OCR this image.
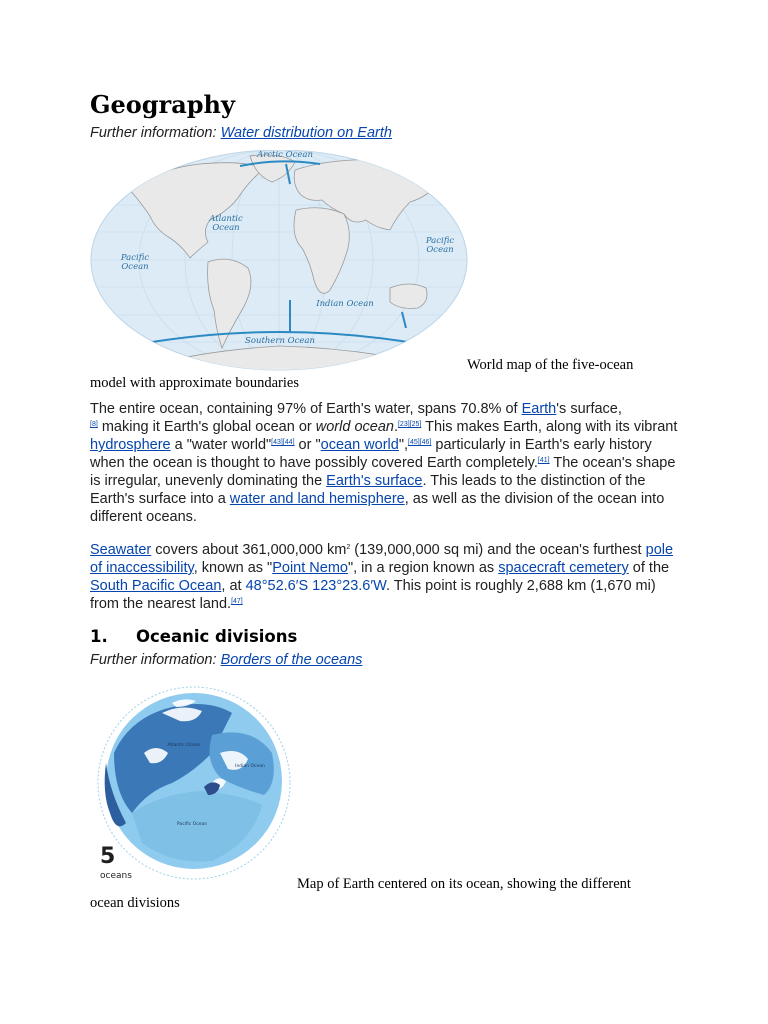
Geography
Further information: Water distribution on Earth
Arctic Ocean
Atlantic
Ocean
Pacific
Ocean
Pacific
Ocean
Indian Ocean
Southern Ocean
World map of the five-ocean
model with approximate boundaries

The entire ocean, containing 97% of Earth's water, spans 70.8% of Earth's surface,
[8] making it Earth's global ocean or world ocean.[23][25] This makes Earth, along with its vibrant hydrosphere a "water world"[43][44] or "ocean world",[45][46] particularly in Earth's early history when the ocean is thought to have possibly covered Earth completely.[41] The ocean's shape is irregular, unevenly dominating the Earth's surface. This leads to the distinction of the Earth's surface into a water and land hemisphere, as well as the division of the ocean into different oceans.

Seawater covers about 361,000,000 $km^2$ (139,000,000 sq mi) and the ocean's furthest pole of inaccessibility, known as "Point Nemo", in a region known as spacecraft cemetery of the South Pacific Ocean, at 48°52.6′S 123°23.6′W. This point is roughly 2,688 km (1,670 mi) from the nearest land.[47]

1. Oceanic divisions
Further information: Borders of the oceans
Atlantic Ocean
Indian Ocean
Pacific Ocean
5
oceans	Map of Earth centered on its ocean, showing the different
ocean divisions
